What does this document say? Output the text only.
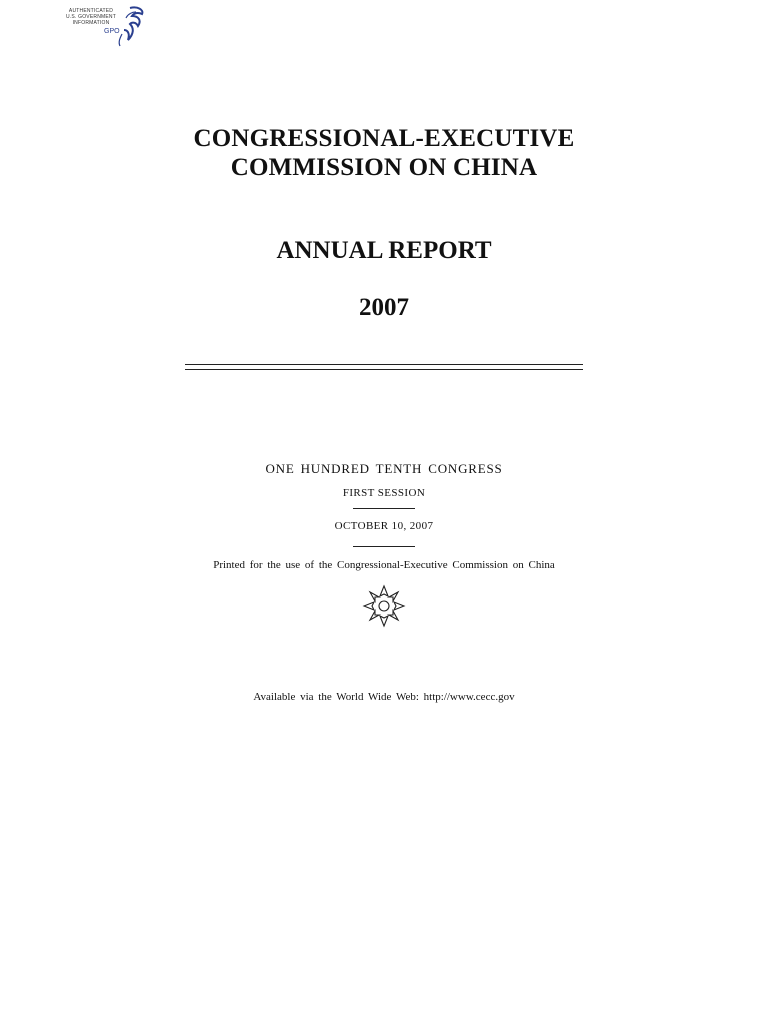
AUTHENTICATED
U.S. GOVERNMENT
INFORMATION
GPO
CONGRESSIONAL-EXECUTIVE
COMMISSION ON CHINA
ANNUAL REPORT
2007
ONE HUNDRED TENTH CONGRESS
FIRST SESSION
OCTOBER 10, 2007
Printed for the use of the Congressional-Executive Commission on China
Available via the World Wide Web: http://www.cecc.gov
